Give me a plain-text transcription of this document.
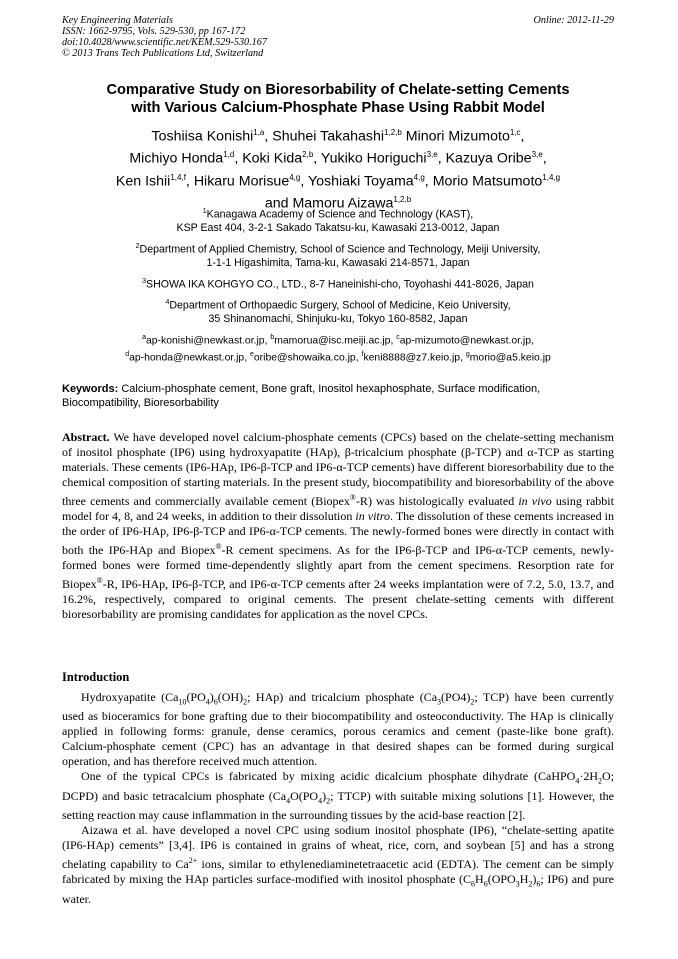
Key Engineering Materials
ISSN: 1662-9795, Vols. 529-530, pp 167-172
doi:10.4028/www.scientific.net/KEM.529-530.167
© 2013 Trans Tech Publications Ltd, Switzerland
Online: 2012-11-29
Comparative Study on Bioresorbability of Chelate-setting Cements
with Various Calcium-Phosphate Phase Using Rabbit Model
Toshiisa Konishi$^{1,a}$, Shuhei Takahashi$^{1,2,b}$ Minori Mizumoto$^{1,c}$,
Michiyo Honda$^{1,d}$, Koki Kida$^{2,b}$, Yukiko Horiguchi$^{3,e}$, Kazuya Oribe$^{3,e}$,
Ken Ishii$^{1,4,f}$, Hikaru Morisue$^{4,g}$, Yoshiaki Toyama$^{4,g}$, Morio Matsumoto$^{1,4,g}$
and Mamoru Aizawa$^{1,2,b}$
$^1$Kanagawa Academy of Science and Technology (KAST),
KSP East 404, 3-2-1 Sakado Takatsu-ku, Kawasaki 213-0012, Japan
$^2$Department of Applied Chemistry, School of Science and Technology, Meiji University,
1-1-1 Higashimita, Tama-ku, Kawasaki 214-8571, Japan
$^3$SHOWA IKA KOHGYO CO., LTD., 8-7 Haneinishi-cho, Toyohashi 441-8026, Japan
$^4$Department of Orthopaedic Surgery, School of Medicine, Keio University,
35 Shinanomachi, Shinjuku-ku, Tokyo 160-8582, Japan
$^a$ap-konishi@newkast.or.jp, $^b$mamorua@isc.meiji.ac.jp, $^c$ap-mizumoto@newkast.or.jp,
$^d$ap-honda@newkast.or.jp, $^e$oribe@showaika.co.jp, $^f$keni8888@z7.keio.jp, $^g$morio@a5.keio.jp
Keywords: Calcium-phosphate cement, Bone graft, Inositol hexaphosphate, Surface modification, Biocompatibility, Bioresorbability
Abstract. We have developed novel calcium-phosphate cements (CPCs) based on the chelate-setting mechanism of inositol phosphate (IP6) using hydroxyapatite (HAp), β-tricalcium phosphate (β-TCP) and α-TCP as starting materials. These cements (IP6-HAp, IP6-β-TCP and IP6-α-TCP cements) have different bioresorbability due to the chemical composition of starting materials. In the present study, biocompatibility and bioresorbability of the above three cements and commercially available cement (Biopex®-R) was histologically evaluated in vivo using rabbit model for 4, 8, and 24 weeks, in addition to their dissolution in vitro. The dissolution of these cements increased in the order of IP6-HAp, IP6-β-TCP and IP6-α-TCP cements. The newly-formed bones were directly in contact with both the IP6-HAp and Biopex®-R cement specimens. As for the IP6-β-TCP and IP6-α-TCP cements, newly-formed bones were formed time-dependently slightly apart from the cement specimens. Resorption rate for Biopex®-R, IP6-HAp, IP6-β-TCP, and IP6-α-TCP cements after 24 weeks implantation were of 7.2, 5.0, 13.7, and 16.2%, respectively, compared to original cements. The present chelate-setting cements with different bioresorbability are promising candidates for application as the novel CPCs.
Introduction

Hydroxyapatite ($Ca_{10}(PO_4)_6(OH)_2$; HAp) and tricalcium phosphate ($Ca_3(PO4)_2$; TCP) have been currently used as bioceramics for bone grafting due to their biocompatibility and osteoconductivity. The HAp is clinically applied in following forms: granule, dense ceramics, porous ceramics and cement (paste-like bone graft). Calcium-phosphate cement (CPC) has an advantage in that desired shapes can be formed during surgical operation, and has therefore received much attention.

One of the typical CPCs is fabricated by mixing acidic dicalcium phosphate dihydrate ($CaHPO_4\cdot 2H_2O$; DCPD) and basic tetracalcium phosphate ($Ca_4O(PO_4)_2$; TTCP) with suitable mixing solutions [1]. However, the setting reaction may cause inflammation in the surrounding tissues by the acid-base reaction [2].

Aizawa et al. have developed a novel CPC using sodium inositol phosphate (IP6), “chelate-setting apatite (IP6-HAp) cements” [3,4]. IP6 is contained in grains of wheat, rice, corn, and soybean [5] and has a strong chelating capability to $Ca^{2+}$ ions, similar to ethylenediaminetetraacetic acid (EDTA). The cement can be simply fabricated by mixing the HAp particles surface-modified with inositol phosphate ($C_6H_6(OPO_3H_2)_6$; IP6) and pure water.
